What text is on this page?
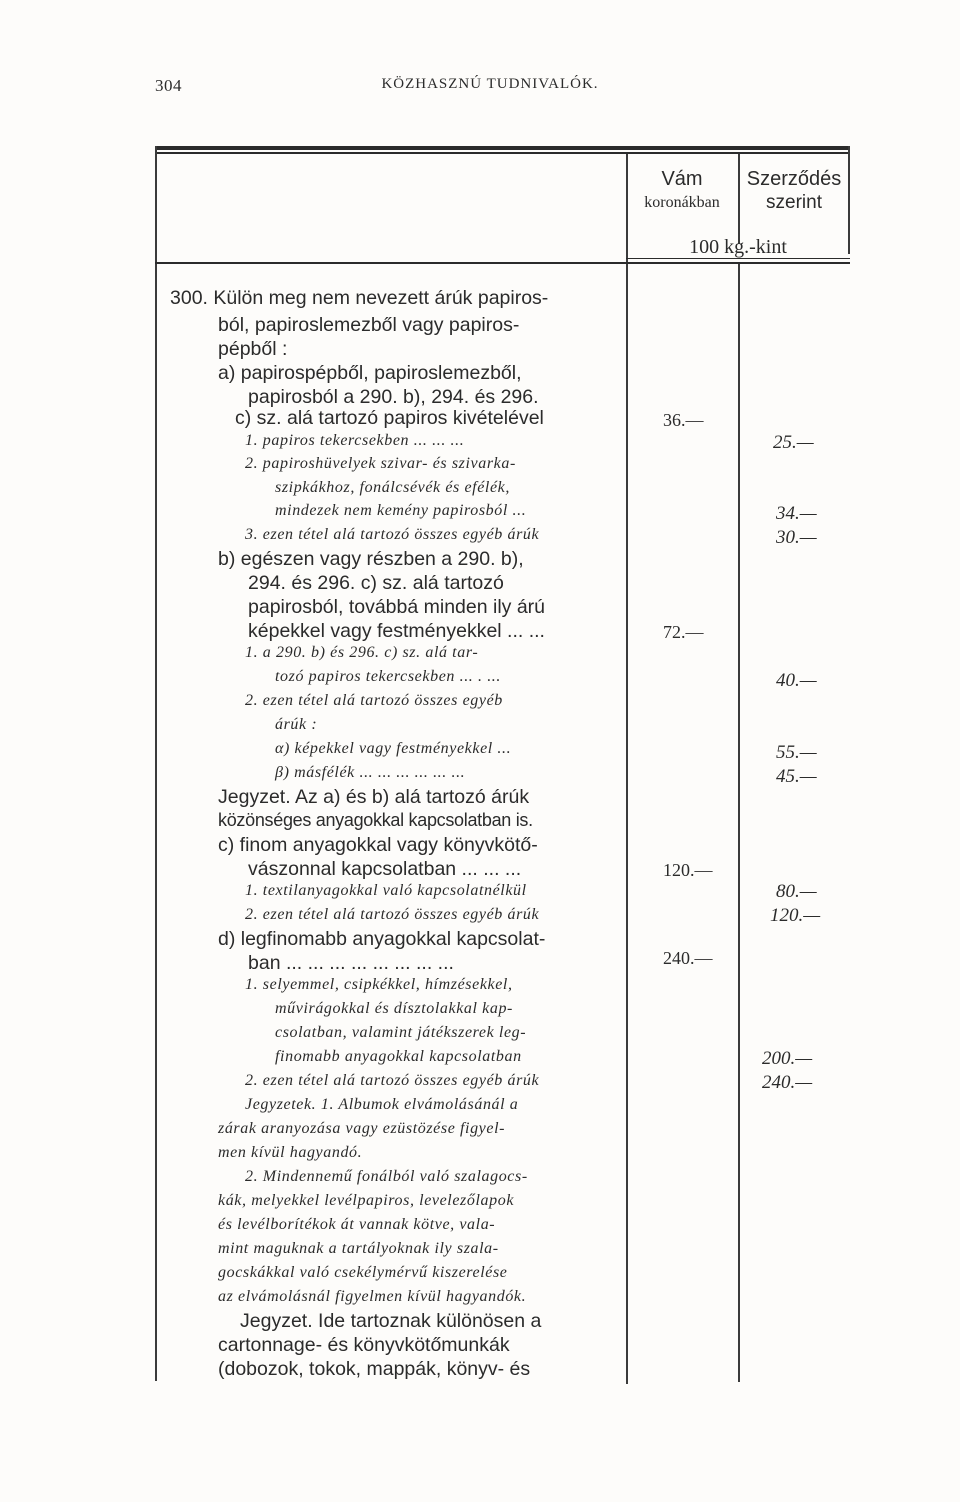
304	KÖZHASZNÚ TUDNIVALÓK.
Vám
koronákban
Szerződés
szerint
100 kg.-kint
300. Külön meg nem nevezett árúk papiros-
ból, papiroslemezből vagy papiros-
pépből :
a) papirospépből, papiroslemezből,
papirosból a 290. b), 294. és 296.
c) sz. alá tartozó papiros kivételével
1. papiros tekercsekben ... ... ...
2. papiroshüvelyek szivar- és szivarka-
szipkákhoz, fonálcsévék és efélék,
mindezek nem kemény papirosból ...
3. ezen tétel alá tartozó összes egyéb árúk
b) egészen vagy részben a 290. b),
294. és 296. c) sz. alá tartozó
papirosból, továbbá minden ily árú
képekkel vagy festményekkel ... ...
1. a 290. b) és 296. c) sz. alá tar-
tozó papiros tekercsekben ... . ...
2. ezen tétel alá tartozó összes egyéb
árúk :
α) képekkel vagy festményekkel ...
β) másfélék ... ... ... ... ... ...
Jegyzet. Az a) és b) alá tartozó árúk
közönséges anyagokkal kapcsolatban is.
c) finom anyagokkal vagy könyvkötő-
vászonnal kapcsolatban ... ... ...
1. textilanyagokkal való kapcsolatnélkül
2. ezen tétel alá tartozó összes egyéb árúk
d) legfinomabb anyagokkal kapcsolat-
ban ... ... ... ... ... ... ... ...
1. selyemmel, csipkékkel, hímzésekkel,
művirágokkal és dísztolakkal kap-
csolatban, valamint játékszerek leg-
finomabb anyagokkal kapcsolatban
2. ezen tétel alá tartozó összes egyéb árúk
Jegyzetek. 1. Albumok elvámolásánál a
zárak aranyozása vagy ezüstözése figyel-
men kívül hagyandó.
2. Mindennemű fonálból való szalagocs-
kák, melyekkel levélpapiros, levelezőlapok
és levélborítékok át vannak kötve, vala-
mint maguknak a tartályoknak ily szala-
gocskákkal való csekélymérvű kiszerelése
az elvámolásnál figyelmen kívül hagyandók.
Jegyzet. Ide tartoznak különösen a
cartonnage- és könyvkötőmunkák
(dobozok, tokok, mappák, könyv- és
36.—
72.—
120.—
240.—
25.—
34.—
30.—
40.—
55.—
45.—
80.—
120.—
200.—
240.—
